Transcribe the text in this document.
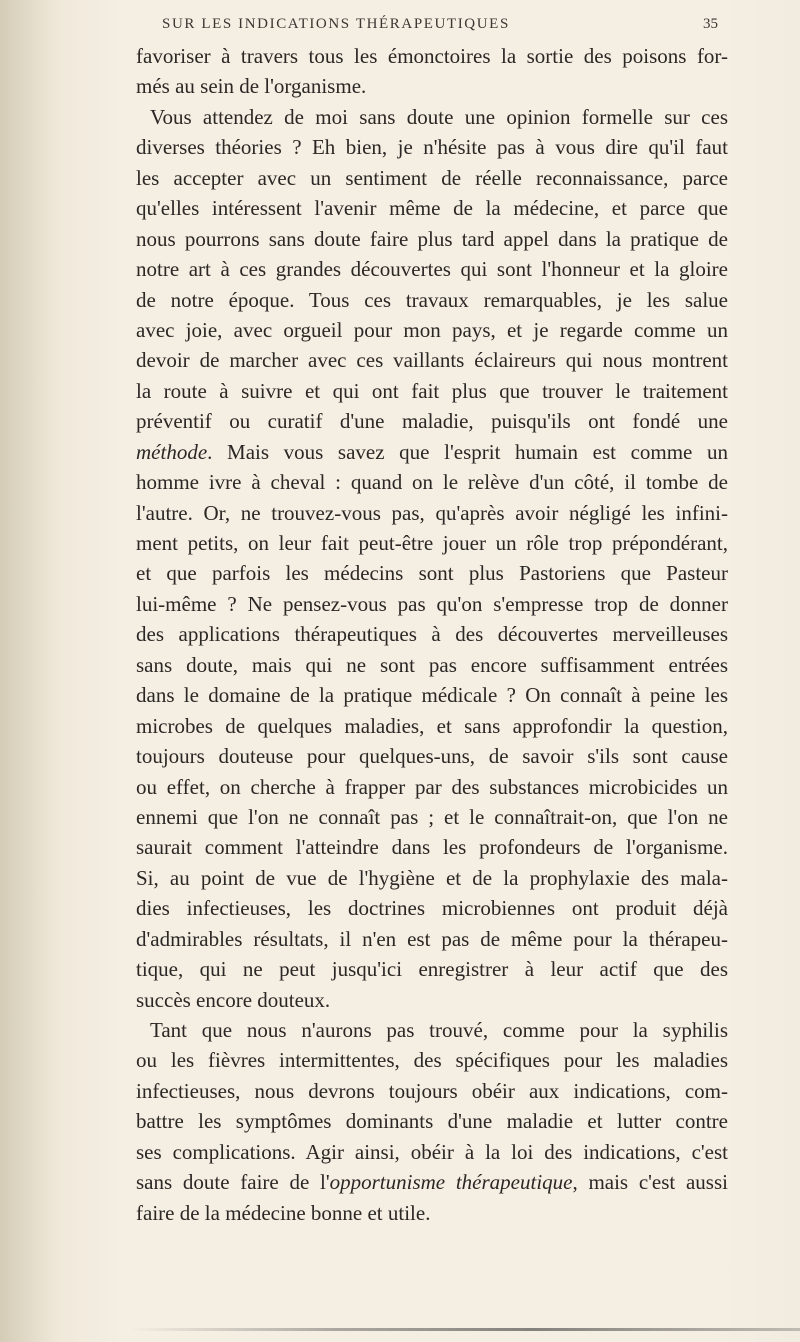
SUR LES INDICATIONS THÉRAPEUTIQUES	35
favoriser à travers tous les émonctoires la sortie des poisons for-
més au sein de l'organisme.
Vous attendez de moi sans doute une opinion formelle sur ces
diverses théories ? Eh bien, je n'hésite pas à vous dire qu'il faut
les accepter avec un sentiment de réelle reconnaissance, parce
qu'elles intéressent l'avenir même de la médecine, et parce que
nous pourrons sans doute faire plus tard appel dans la pratique de
notre art à ces grandes découvertes qui sont l'honneur et la gloire
de notre époque. Tous ces travaux remarquables, je les salue
avec joie, avec orgueil pour mon pays, et je regarde comme un
devoir de marcher avec ces vaillants éclaireurs qui nous montrent
la route à suivre et qui ont fait plus que trouver le traitement
préventif ou curatif d'une maladie, puisqu'ils ont fondé une
méthode. Mais vous savez que l'esprit humain est comme un
homme ivre à cheval : quand on le relève d'un côté, il tombe de
l'autre. Or, ne trouvez-vous pas, qu'après avoir négligé les infini-
ment petits, on leur fait peut-être jouer un rôle trop prépondérant,
et que parfois les médecins sont plus Pastoriens que Pasteur
lui-même ? Ne pensez-vous pas qu'on s'empresse trop de donner
des applications thérapeutiques à des découvertes merveilleuses
sans doute, mais qui ne sont pas encore suffisamment entrées
dans le domaine de la pratique médicale ? On connaît à peine les
microbes de quelques maladies, et sans approfondir la question,
toujours douteuse pour quelques-uns, de savoir s'ils sont cause
ou effet, on cherche à frapper par des substances microbicides un
ennemi que l'on ne connaît pas ; et le connaîtrait-on, que l'on ne
saurait comment l'atteindre dans les profondeurs de l'organisme.
Si, au point de vue de l'hygiène et de la prophylaxie des mala-
dies infectieuses, les doctrines microbiennes ont produit déjà
d'admirables résultats, il n'en est pas de même pour la thérapeu-
tique, qui ne peut jusqu'ici enregistrer à leur actif que des
succès encore douteux.
Tant que nous n'aurons pas trouvé, comme pour la syphilis
ou les fièvres intermittentes, des spécifiques pour les maladies
infectieuses, nous devrons toujours obéir aux indications, com-
battre les symptômes dominants d'une maladie et lutter contre
ses complications. Agir ainsi, obéir à la loi des indications, c'est
sans doute faire de l'opportunisme thérapeutique, mais c'est aussi
faire de la médecine bonne et utile.
